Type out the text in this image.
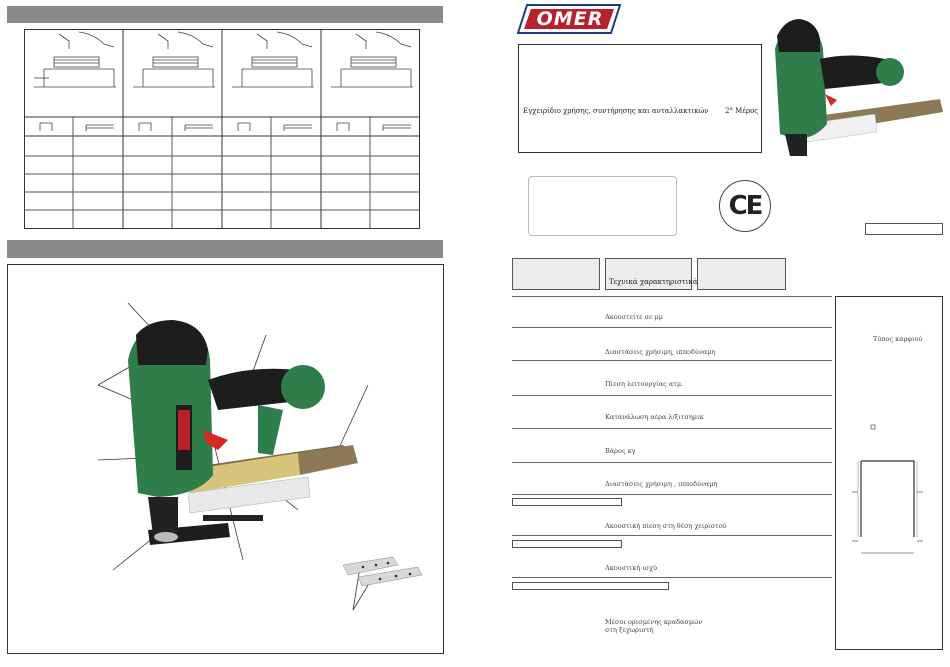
OMER
Εγχειρίδιο χρήσης, συντήρησης και ανταλλακτικών 2° Μέρος
CE
Τεχνικά χαρακτηριστικά
Ακουστείτε σε μμ
Διαστάσεις χρήσιμη, ιπποδύναμη
Πίεση λειτουργίας ατμ.
Κατανάλωση αέρα λ/ξιτσημικ
Βάρος κγ
Διαστάσεις χρήσιμη , ιπποδύναμη
Ακουστική πίεση στη θέση χειριστού
Ακουστική ισχύ
Μέσοι ορισμένης κραδασμών στη ξεχωριστή
Τύπος καρφιού
